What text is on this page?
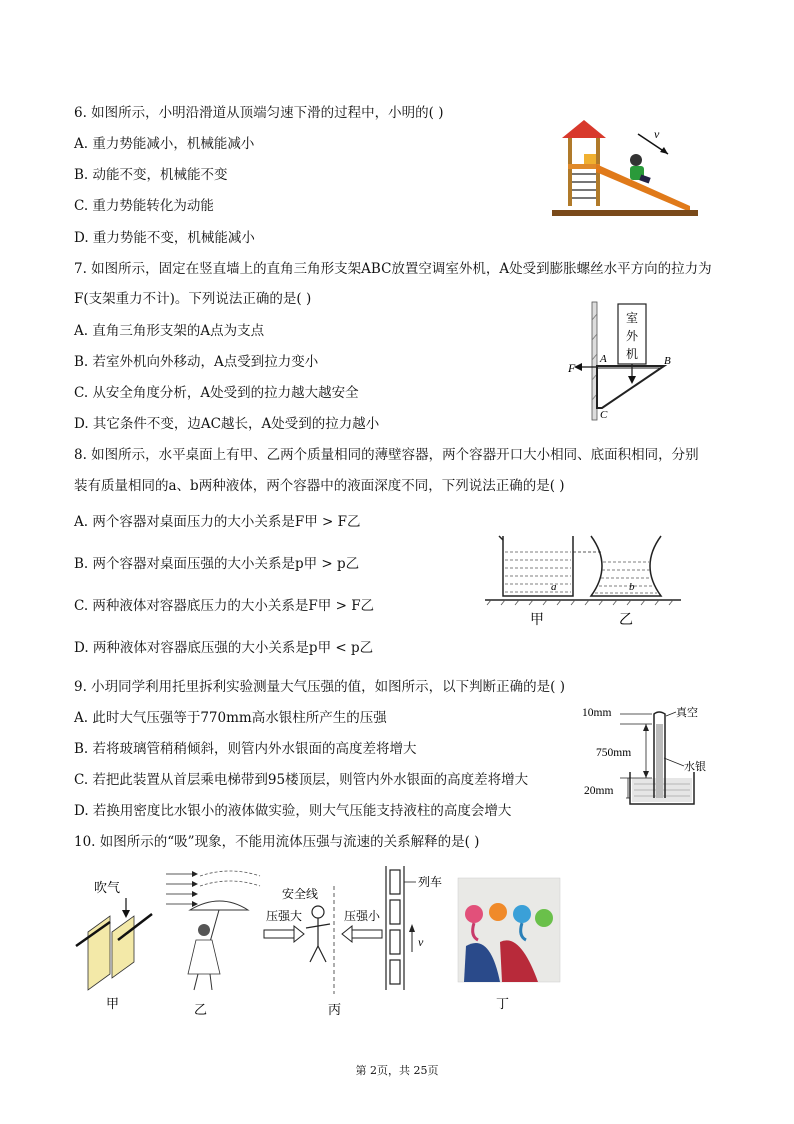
6. 如图所示，小明沿滑道从顶端匀速下滑的过程中，小明的( )
A. 重力势能减小，机械能减小
B. 动能不变，机械能不变
C. 重力势能转化为动能
D. 重力势能不变，机械能减小
v
7. 如图所示，固定在竖直墙上的直角三角形支架ABC放置空调室外机，A处受到膨胀螺丝水平方向的拉力为
F(支架重力不计)。下列说法正确的是( )
A. 直角三角形支架的A点为支点
B. 若室外机向外移动，A点受到拉力变小
C. 从安全角度分析，A处受到的拉力越大越安全
D. 其它条件不变，边AC越长，A处受到的拉力越小
室
外
机
F
A	B
C
8. 如图所示，水平桌面上有甲、乙两个质量相同的薄壁容器，两个容器开口大小相同、底面积相同，分别
装有质量相同的a、b两种液体，两个容器中的液面深度不同，下列说法正确的是( )
A. 两个容器对桌面压力的大小关系是F甲 > F乙
B. 两个容器对桌面压强的大小关系是p甲 > p乙
C. 两种液体对容器底压力的大小关系是F甲 > F乙
D. 两种液体对容器底压强的大小关系是p甲 < p乙
a	b
甲	乙
9. 小玥同学利用托里拆利实验测量大气压强的值，如图所示，以下判断正确的是( )
A. 此时大气压强等于770mm高水银柱所产生的压强
B. 若将玻璃管稍稍倾斜，则管内外水银面的高度差将增大
C. 若把此装置从首层乘电梯带到95楼顶层，则管内外水银面的高度差将增大
D. 若换用密度比水银小的液体做实验，则大气压能支持液柱的高度会增大
10mm	真空
750mm
水银
20mm
10. 如图所示的“吸”现象，不能用流体压强与流速的关系解释的是( )
吹气
甲	乙
安全线
压强大	压强小
列车
v
丙	丁
第 2页，共 25页
